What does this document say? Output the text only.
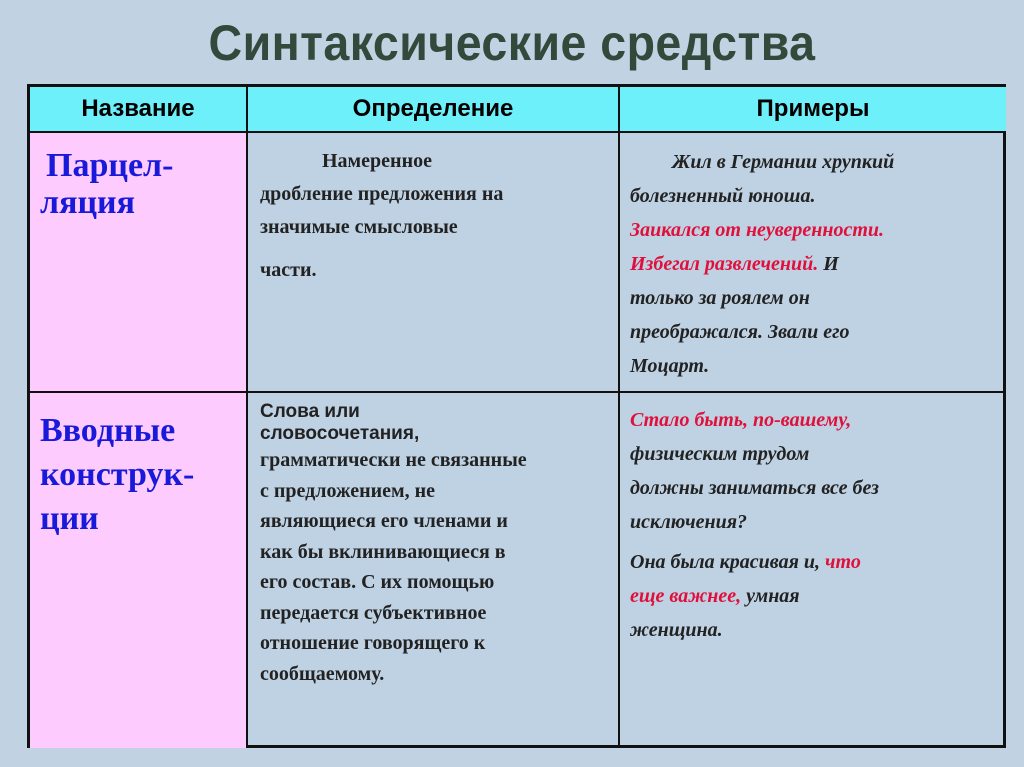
Синтаксические средства
Название	Определение	Примеры
Парцел-
ляция
Намеренное
дробление предложения на
значимые смысловые
части.
Жил в Германии хрупкий
болезненный юноша.
Заикался от неуверенности.
Избегал развлечений. И
только за роялем он
преображался. Звали его
Моцарт.
Вводные
конструк-
ции
Слова или
словосочетания,
грамматически не связанные
с предложением, не
являющиеся его членами и
как бы вклинивающиеся в
его состав. С их помощью
передается субъективное
отношение говорящего к
сообщаемому.
Стало быть, по-вашему,
физическим трудом
должны заниматься все без
исключения?
Она была красивая и, что
еще важнее, умная
женщина.
